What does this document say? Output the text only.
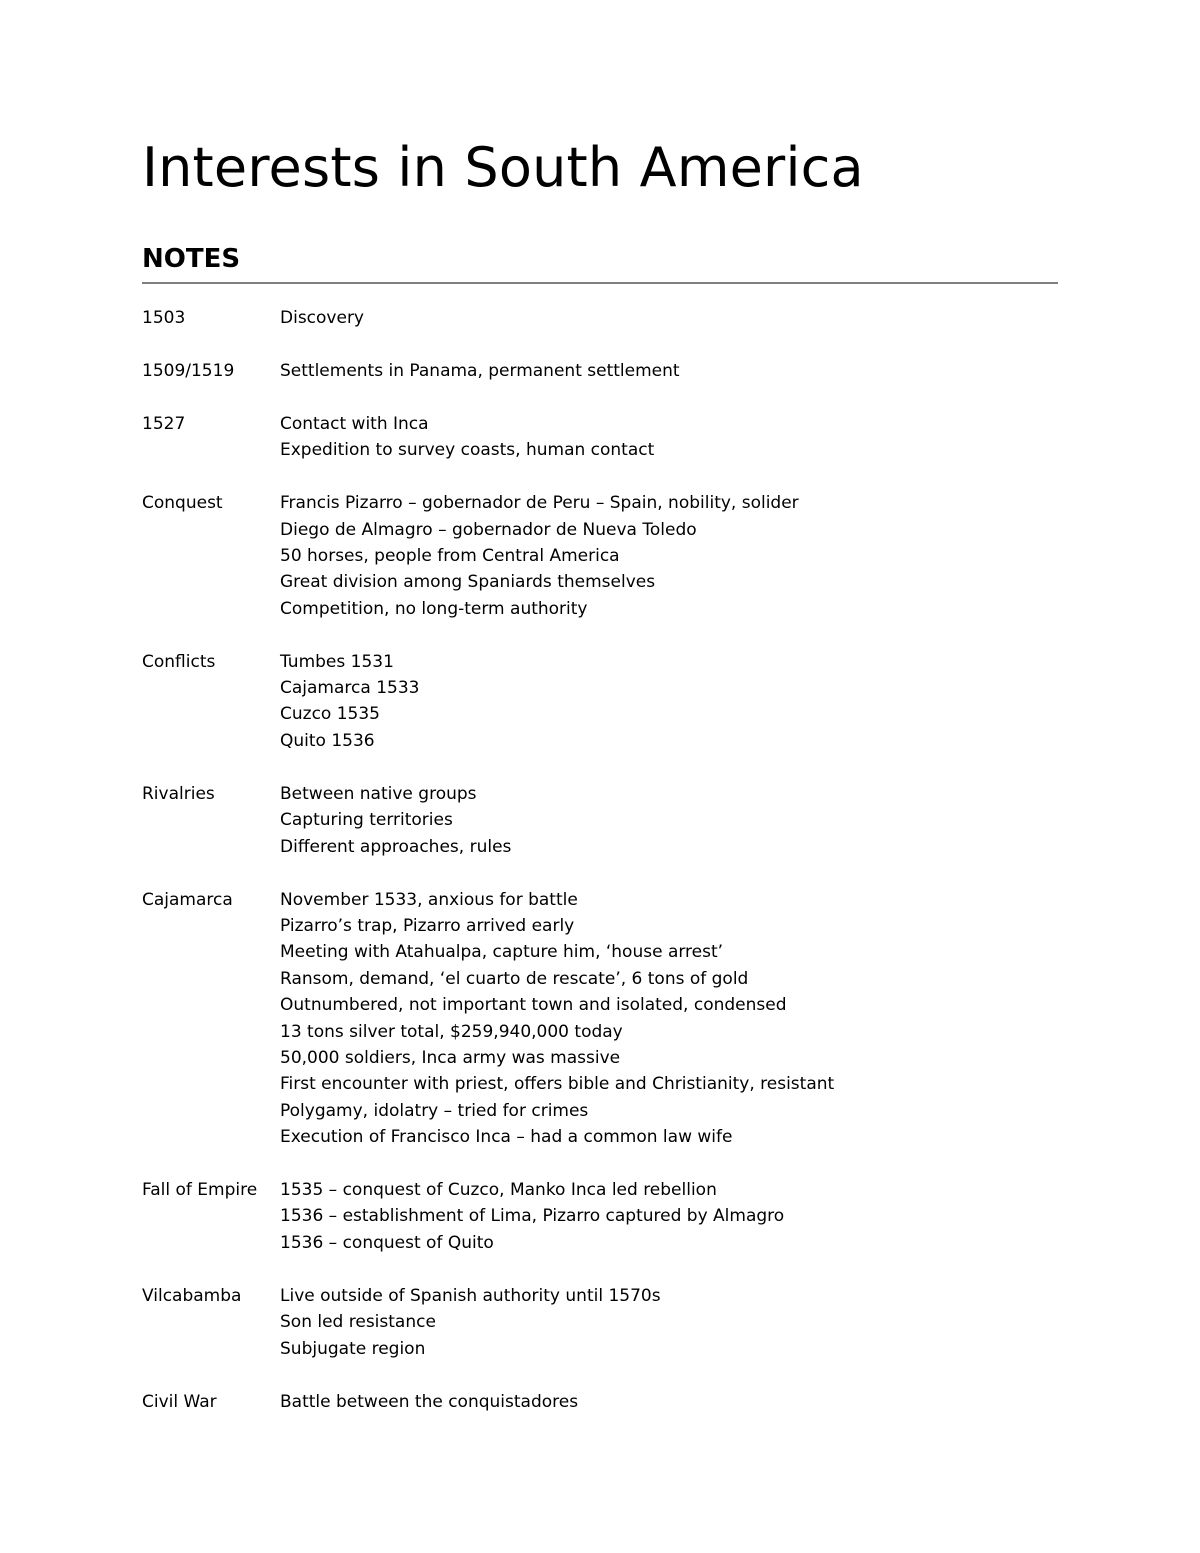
Interests in South America
NOTES
1503	Discovery
1509/1519	Settlements in Panama, permanent settlement
1527	Contact with Inca
Expedition to survey coasts, human contact
Conquest	Francis Pizarro – gobernador de Peru – Spain, nobility, solider
Diego de Almagro – gobernador de Nueva Toledo
50 horses, people from Central America
Great division among Spaniards themselves
Competition, no long-term authority
Conflicts	Tumbes 1531
Cajamarca 1533
Cuzco 1535
Quito 1536
Rivalries	Between native groups
Capturing territories
Different approaches, rules
Cajamarca	November 1533, anxious for battle
Pizarro’s trap, Pizarro arrived early
Meeting with Atahualpa, capture him, ‘house arrest’
Ransom, demand, ‘el cuarto de rescate’, 6 tons of gold
Outnumbered, not important town and isolated, condensed
13 tons silver total, $259,940,000 today
50,000 soldiers, Inca army was massive
First encounter with priest, offers bible and Christianity, resistant
Polygamy, idolatry – tried for crimes
Execution of Francisco Inca – had a common law wife
Fall of Empire	1535 – conquest of Cuzco, Manko Inca led rebellion
1536 – establishment of Lima, Pizarro captured by Almagro
1536 – conquest of Quito
Vilcabamba	Live outside of Spanish authority until 1570s
Son led resistance
Subjugate region
Civil War	Battle between the conquistadores
